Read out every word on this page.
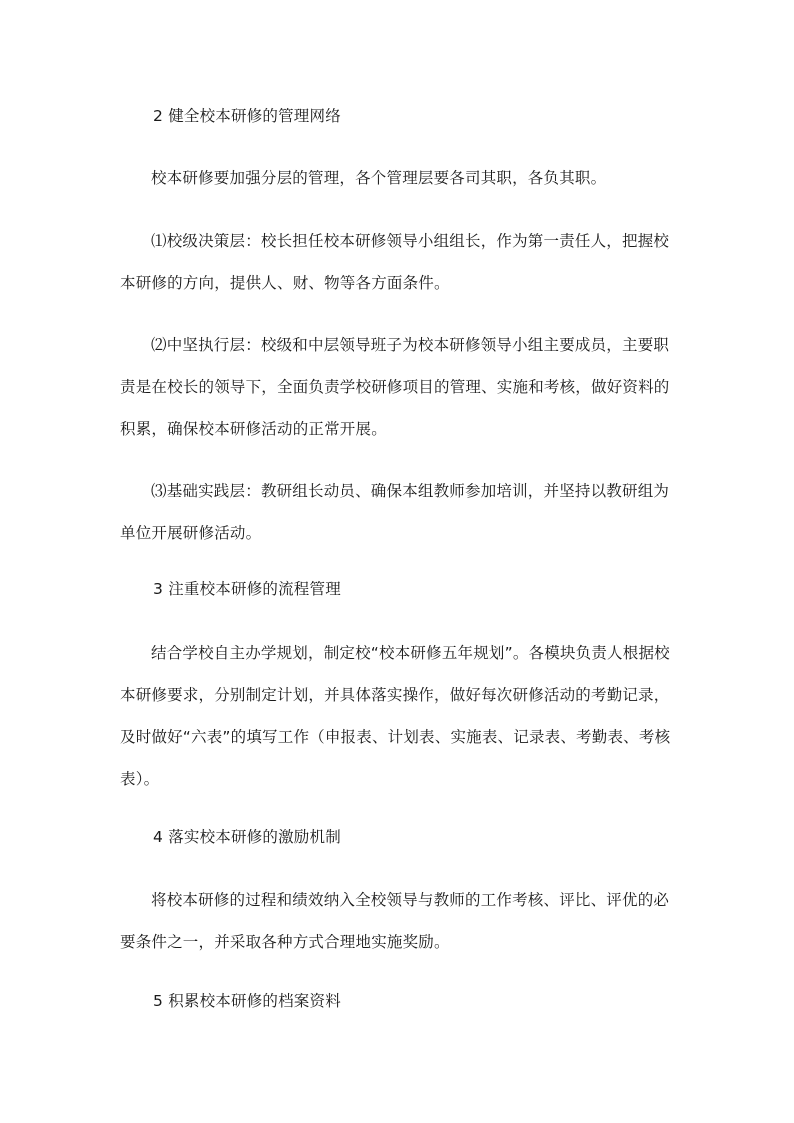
2 健全校本研修的管理网络

校本研修要加强分层的管理，各个管理层要各司其职，各负其职。

⑴校级决策层：校长担任校本研修领导小组组长，作为第一责任人，把握校本研修的方向，提供人、财、物等各方面条件。

⑵中坚执行层：校级和中层领导班子为校本研修领导小组主要成员，主要职责是在校长的领导下，全面负责学校研修项目的管理、实施和考核，做好资料的积累，确保校本研修活动的正常开展。

⑶基础实践层：教研组长动员、确保本组教师参加培训，并坚持以教研组为单位开展研修活动。

3 注重校本研修的流程管理

结合学校自主办学规划，制定校“校本研修五年规划”。各模块负责人根据校本研修要求，分别制定计划，并具体落实操作，做好每次研修活动的考勤记录，及时做好“六表”的填写工作（申报表、计划表、实施表、记录表、考勤表、考核表）。

4 落实校本研修的激励机制

将校本研修的过程和绩效纳入全校领导与教师的工作考核、评比、评优的必要条件之一，并采取各种方式合理地实施奖励。

5 积累校本研修的档案资料
